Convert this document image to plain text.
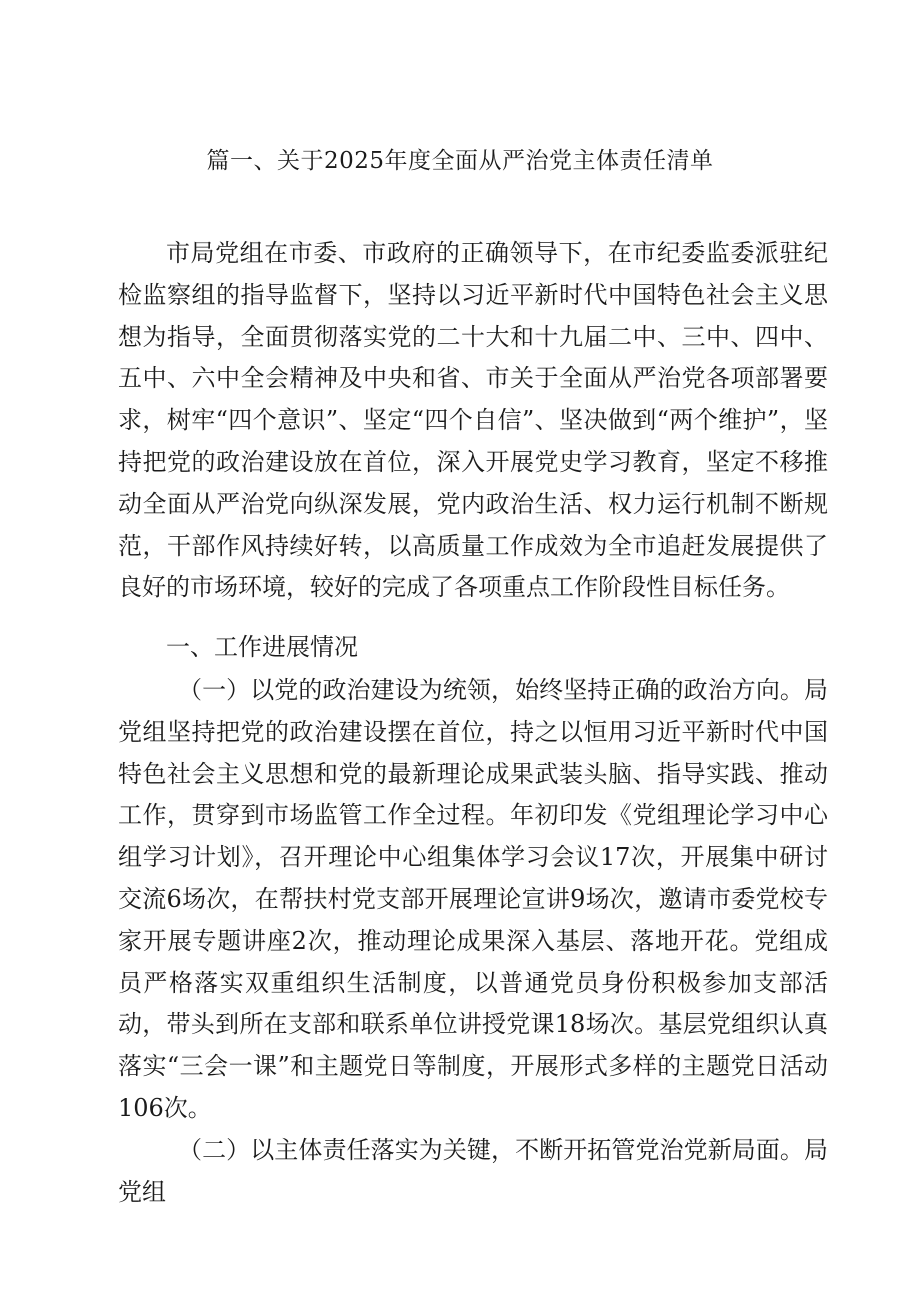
篇一、关于2025年度全面从严治党主体责任清单

市局党组在市委、市政府的正确领导下，在市纪委监委派驻纪检监察组的指导监督下，坚持以习近平新时代中国特色社会主义思想为指导，全面贯彻落实党的二十大和十九届二中、三中、四中、五中、六中全会精神及中央和省、市关于全面从严治党各项部署要求，树牢“四个意识”、坚定“四个自信”、坚决做到“两个维护”，坚持把党的政治建设放在首位，深入开展党史学习教育，坚定不移推动全面从严治党向纵深发展，党内政治生活、权力运行机制不断规范，干部作风持续好转，以高质量工作成效为全市追赶发展提供了良好的市场环境，较好的完成了各项重点工作阶段性目标任务。

一、工作进展情况

（一）以党的政治建设为统领，始终坚持正确的政治方向。局党组坚持把党的政治建设摆在首位，持之以恒用习近平新时代中国特色社会主义思想和党的最新理论成果武装头脑、指导实践、推动工作，贯穿到市场监管工作全过程。年初印发《党组理论学习中心组学习计划》，召开理论中心组集体学习会议17次，开展集中研讨交流6场次，在帮扶村党支部开展理论宣讲9场次，邀请市委党校专家开展专题讲座2次，推动理论成果深入基层、落地开花。党组成员严格落实双重组织生活制度，以普通党员身份积极参加支部活动，带头到所在支部和联系单位讲授党课18场次。基层党组织认真落实“三会一课”和主题党日等制度，开展形式多样的主题党日活动106次。

（二）以主体责任落实为关键，不断开拓管党治党新局面。局党组
